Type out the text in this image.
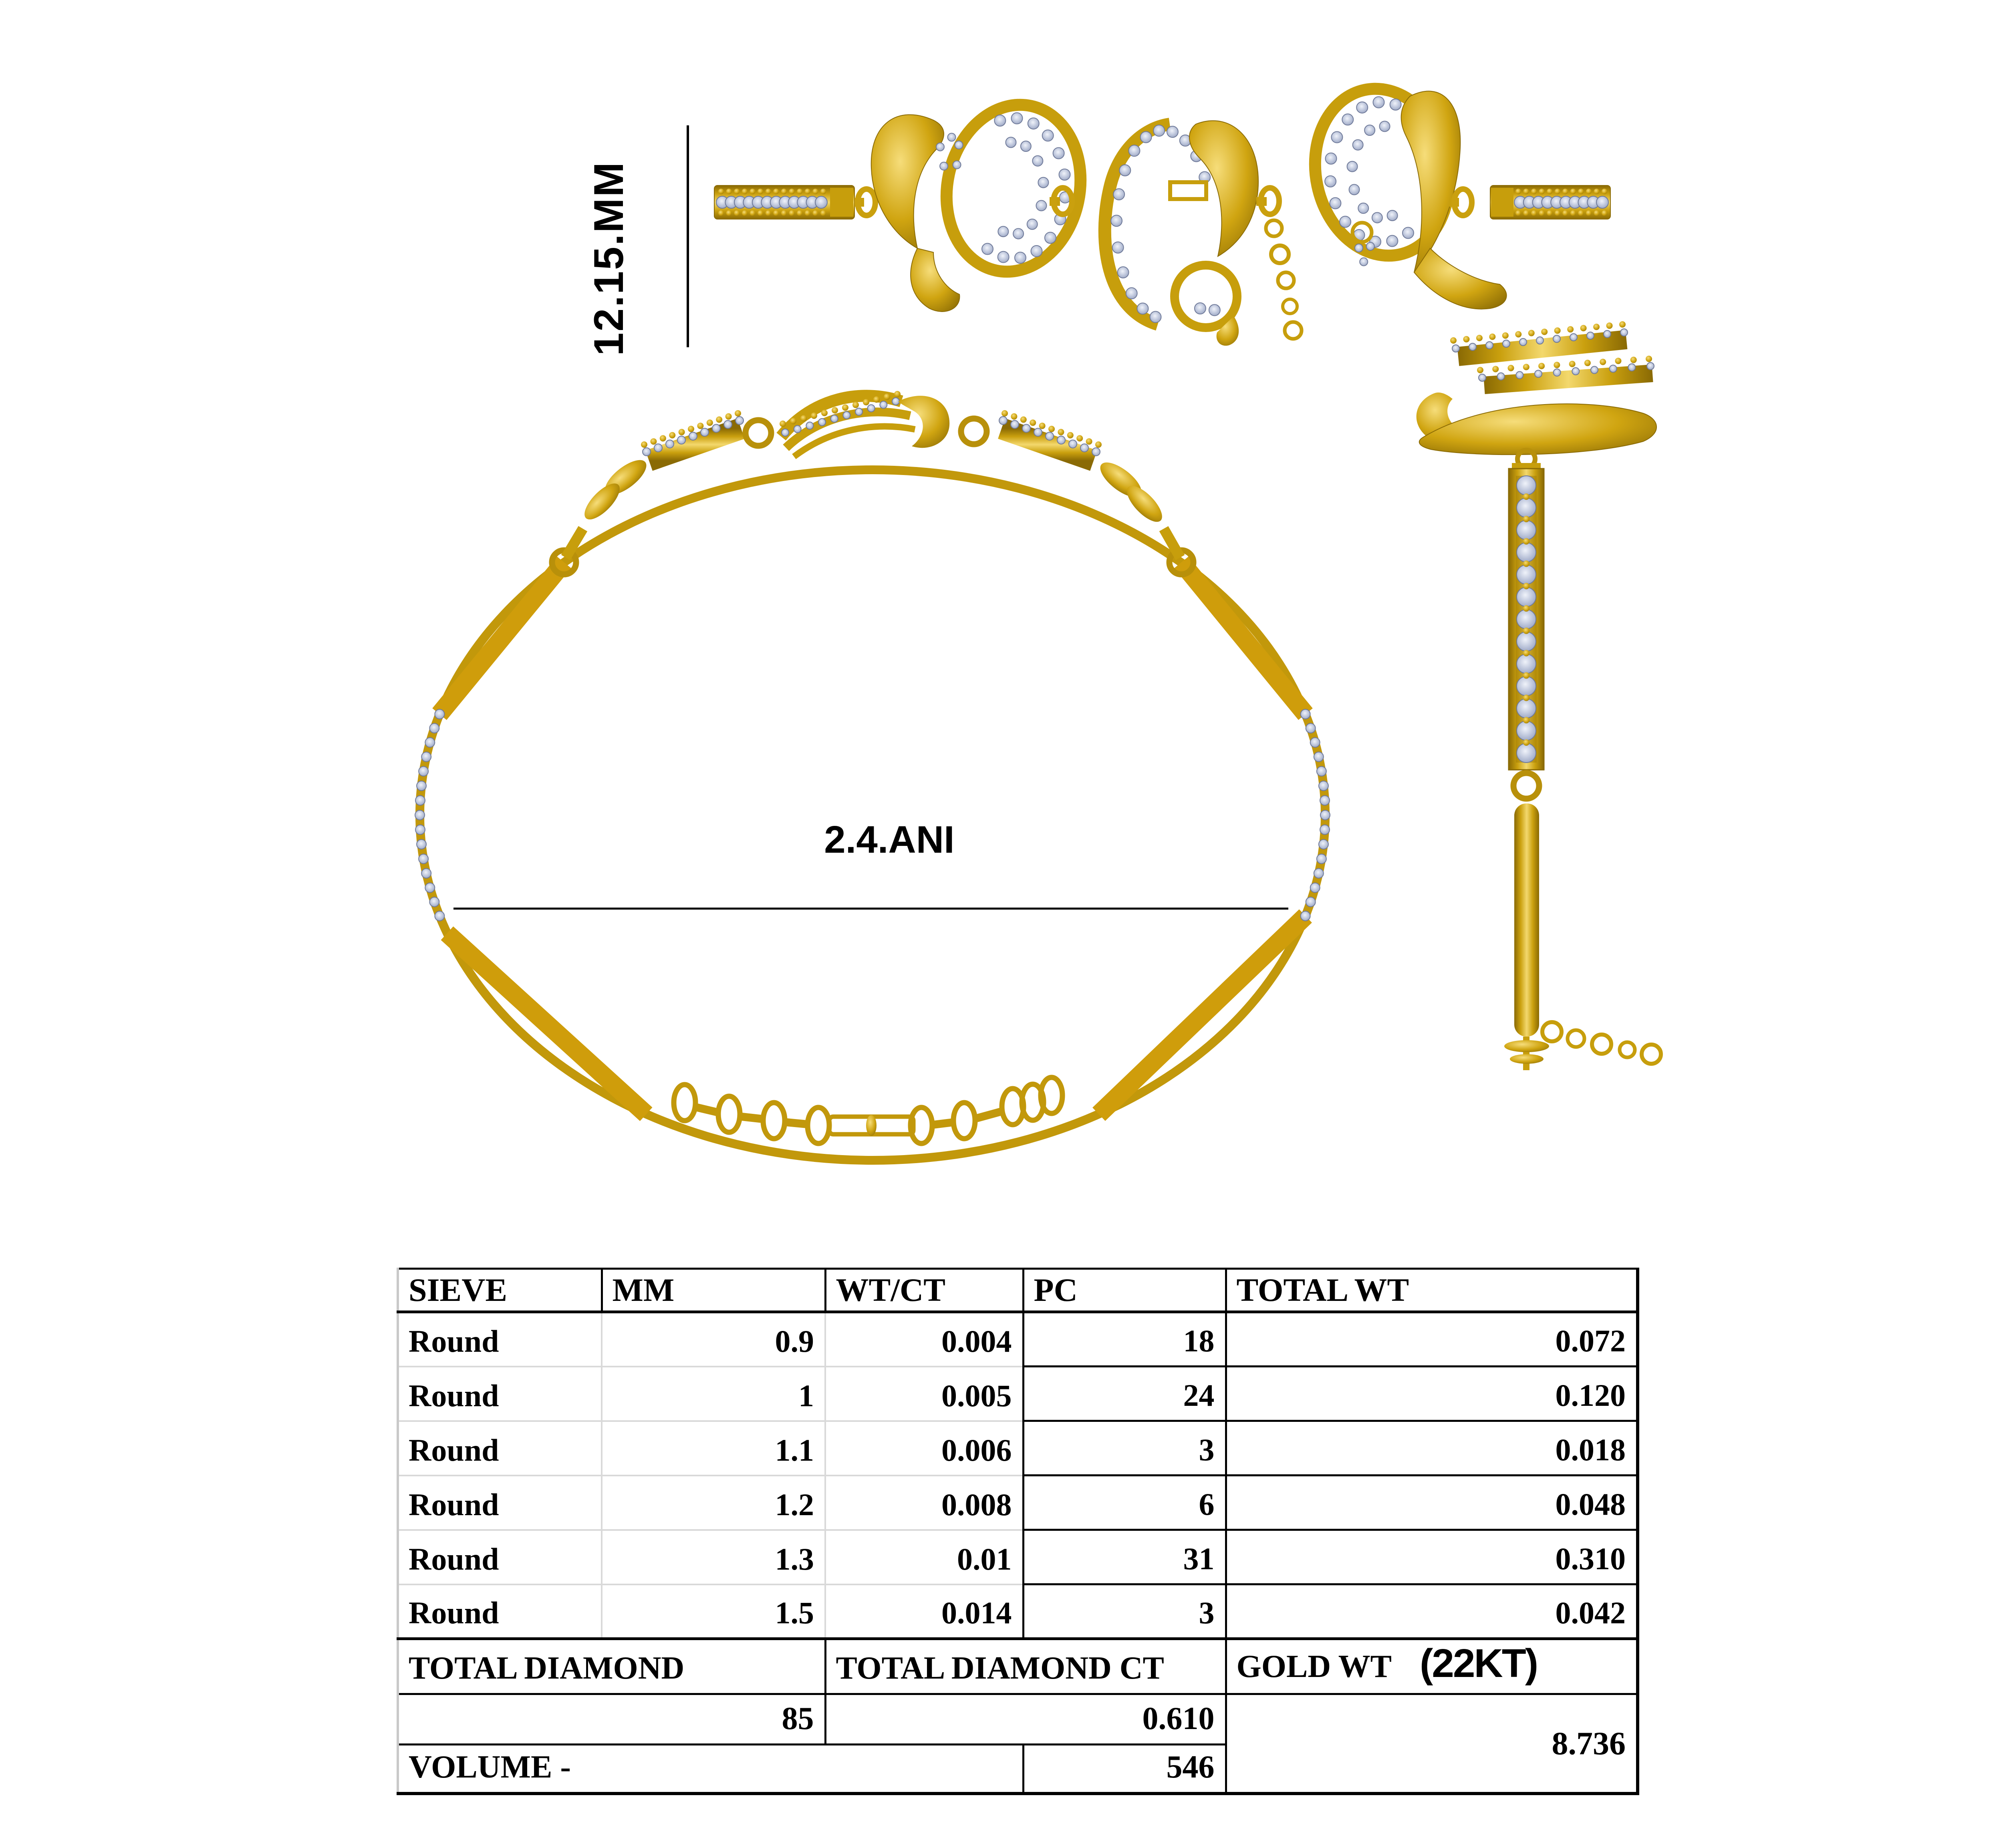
12.15.MM
2.4.ANI
SIEVE	MM	WT/CT	PC	TOTAL WT
Round	0.9	0.004	18	0.072
Round	1	0.005	24	0.120
Round	1.1	0.006	3	0.018
Round	1.2	0.008	6	0.048
Round	1.3	0.01	31	0.310
Round	1.5	0.014	3	0.042
TOTAL DIAMOND		TOTAL DIAMOND CT		GOLD WT (22KT)
85		0.610		8.736
VOLUME -			546	
